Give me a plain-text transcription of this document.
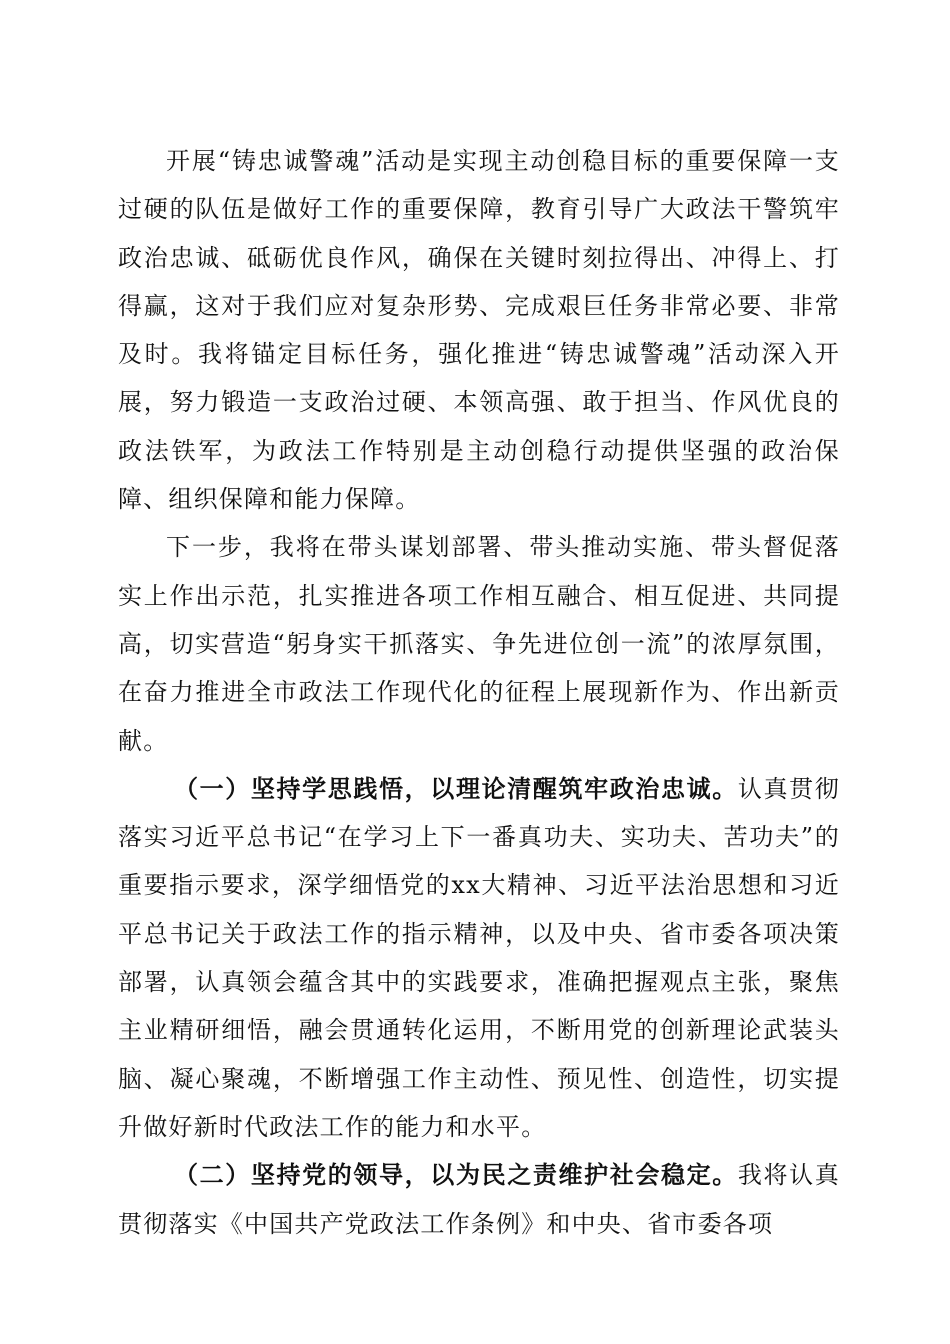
开展“铸忠诚警魂”活动是实现主动创稳目标的重要保障一支过硬的队伍是做好工作的重要保障，教育引导广大政法干警筑牢政治忠诚、砥砺优良作风，确保在关键时刻拉得出、冲得上、打得赢，这对于我们应对复杂形势、完成艰巨任务非常必要、非常及时。我将锚定目标任务，强化推进“铸忠诚警魂”活动深入开展，努力锻造一支政治过硬、本领高强、敢于担当、作风优良的政法铁军，为政法工作特别是主动创稳行动提供坚强的政治保障、组织保障和能力保障。

下一步，我将在带头谋划部署、带头推动实施、带头督促落实上作出示范，扎实推进各项工作相互融合、相互促进、共同提高，切实营造“躬身实干抓落实、争先进位创一流”的浓厚氛围，在奋力推进全市政法工作现代化的征程上展现新作为、作出新贡献。

（一）坚持学思践悟，以理论清醒筑牢政治忠诚。认真贯彻落实习近平总书记“在学习上下一番真功夫、实功夫、苦功夫”的重要指示要求，深学细悟党的xx大精神、习近平法治思想和习近平总书记关于政法工作的指示精神，以及中央、省市委各项决策部署，认真领会蕴含其中的实践要求，准确把握观点主张，聚焦主业精研细悟，融会贯通转化运用，不断用党的创新理论武装头脑、凝心聚魂，不断增强工作主动性、预见性、创造性，切实提升做好新时代政法工作的能力和水平。

（二）坚持党的领导，以为民之责维护社会稳定。我将认真贯彻落实《中国共产党政法工作条例》和中央、省市委各项
